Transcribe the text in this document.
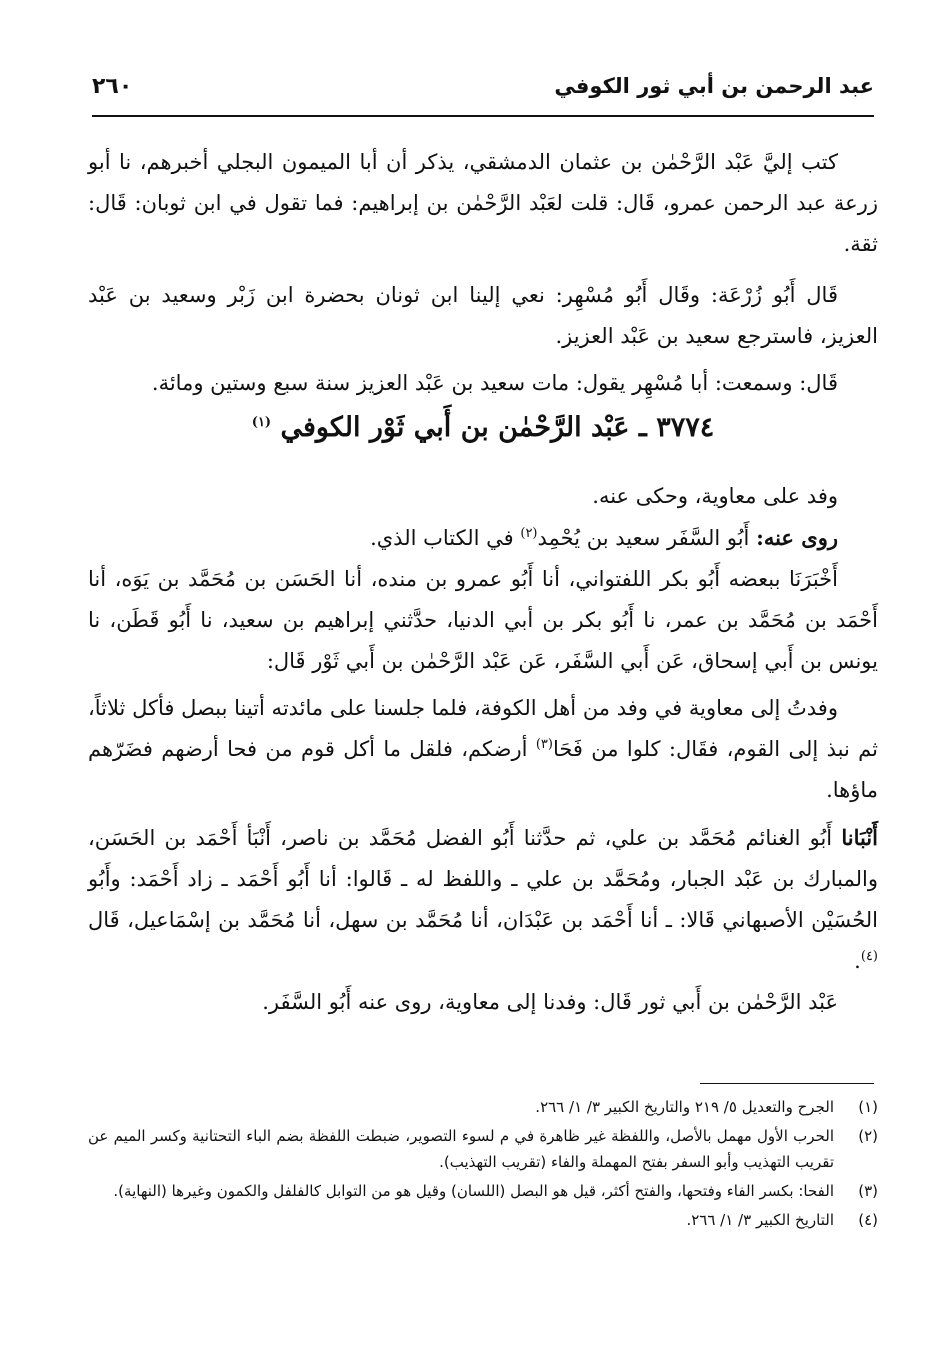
عبد الرحمن بن أبي ثور الكوفي
٢٦٠

كتب إليَّ عَبْد الرَّحْمٰن بن عثمان الدمشقي، يذكر أن أبا الميمون البجلي أخبرهم، نا أبو زرعة عبد الرحمن عمرو، قَال: قلت لعَبْد الرَّحْمٰن بن إبراهيم: فما تقول في ابن ثوبان: قَال: ثقة.

قَال أَبُو زُرْعَة: وقَال أَبُو مُسْهِر: نعي إلينا ابن ثونان بحضرة ابن زَبْر وسعيد بن عَبْد العزيز، فاسترجع سعيد بن عَبْد العزيز.

قَال: وسمعت: أبا مُسْهِر يقول: مات سعيد بن عَبْد العزيز سنة سبع وستين ومائة.

٣٧٧٤ ـ عَبْد الرَّحْمٰن بن أَبي ثَوْر الكوفي $^{(١)}$

وفد على معاوية، وحكى عنه.

روى عنه: أَبُو السَّفَر سعيد بن يُحْمِد$^{(٢)}$ في الكتاب الذي.

أَخْبَرَنَا ببعضه أَبُو بكر اللفتواني، أنا أَبُو عمرو بن منده، أنا الحَسَن بن مُحَمَّد بن يَوَه، أنا أَحْمَد بن مُحَمَّد بن عمر، نا أَبُو بكر بن أبي الدنيا، حدَّثني إبراهيم بن سعيد، نا أَبُو قَطَن، نا يونس بن أَبي إسحاق، عَن أَبي السَّفَر، عَن عَبْد الرَّحْمٰن بن أَبي ثَوْر قَال:

وفدتُ إلى معاوية في وفد من أهل الكوفة، فلما جلسنا على مائدته أتينا ببصل فأكل ثلاثاً، ثم نبذ إلى القوم، فقَال: كلوا من فَحَا$^{(٣)}$ أرضكم، فلقل ما أكل قوم من فحا أرضهم فضَرّهم ماؤها.

أَنْبَانا أَبُو الغنائم مُحَمَّد بن علي، ثم حدَّثنا أَبُو الفضل مُحَمَّد بن ناصر، أَنْبَأ أَحْمَد بن الحَسَن، والمبارك بن عَبْد الجبار، ومُحَمَّد بن علي ـ واللفظ له ـ قَالوا: أنا أَبُو أَحْمَد ـ زاد أَحْمَد: وأَبُو الحُسَيْن الأصبهاني قَالا: ـ أنا أَحْمَد بن عَبْدَان، أنا مُحَمَّد بن سهل، أنا مُحَمَّد بن إسْمَاعيل، قَال $^{(٤)}$.

عَبْد الرَّحْمٰن بن أَبي ثور قَال: وفدنا إلى معاوية، روى عنه أَبُو السَّفَر.

(١)
الجرح والتعديل ٥/ ٢١٩ والتاريخ الكبير ٣/ ١/ ٢٦٦.
(٢)
الحرب الأول مهمل بالأصل، واللفظة غير ظاهرة في م لسوء التصوير، ضبطت اللفظة بضم الباء التحتانية وكسر الميم عن تقريب التهذيب وأبو السفر بفتح المهملة والفاء (تقريب التهذيب).
(٣)
الفحا: بكسر الفاء وفتحها، والفتح أكثر، قيل هو البصل (اللسان) وقيل هو من التوابل كالفلفل والكمون وغيرها (النهاية).
(٤)
التاريخ الكبير ٣/ ١/ ٢٦٦.
